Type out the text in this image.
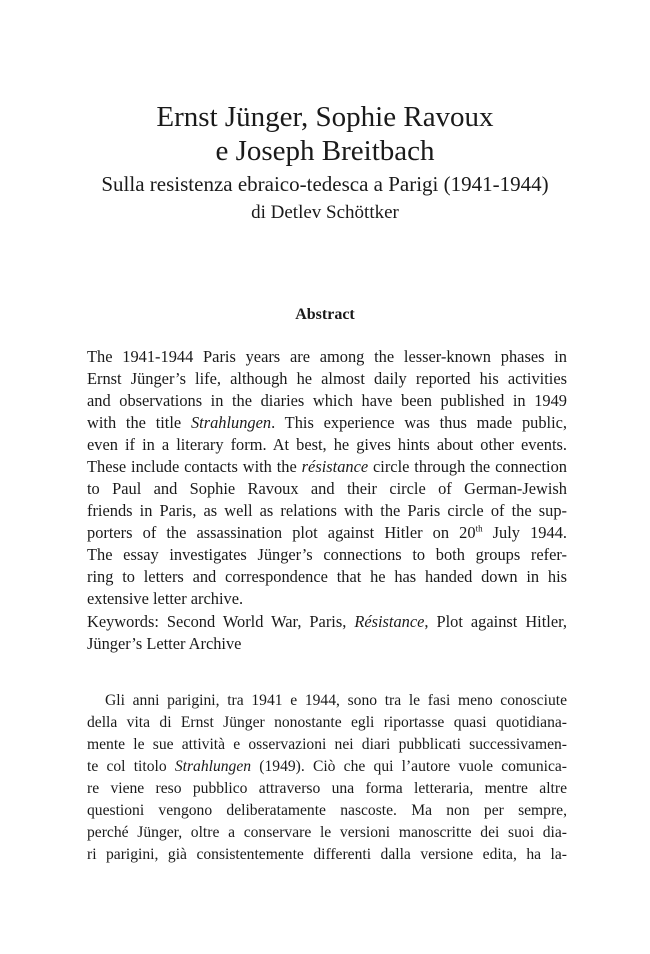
Ernst Jünger, Sophie Ravoux
e Joseph Breitbach

Sulla resistenza ebraico-tedesca a Parigi (1941-1944)

di Detlev Schöttker

Abstract
The 1941-1944 Paris years are among the lesser-known phases in
Ernst Jünger’s life, although he almost daily reported his activities
and observations in the diaries which have been published in 1949
with the title Strahlungen. This experience was thus made public,
even if in a literary form. At best, he gives hints about other events.
These include contacts with the résistance circle through the connection
to Paul and Sophie Ravoux and their circle of German-Jewish
friends in Paris, as well as relations with the Paris circle of the sup-
porters of the assassination plot against Hitler on 20th July 1944.
The essay investigates Jünger’s connections to both groups refer-
ring to letters and correspondence that he has handed down in his
extensive letter archive.
Keywords: Second World War, Paris, Résistance, Plot against Hitler,
Jünger’s Letter Archive
Gli anni parigini, tra 1941 e 1944, sono tra le fasi meno conosciute
della vita di Ernst Jünger nonostante egli riportasse quasi quotidiana-
mente le sue attività e osservazioni nei diari pubblicati successivamen-
te col titolo Strahlungen (1949). Ciò che qui l’autore vuole comunica-
re viene reso pubblico attraverso una forma letteraria, mentre altre
questioni vengono deliberatamente nascoste. Ma non per sempre,
perché Jünger, oltre a conservare le versioni manoscritte dei suoi dia-
ri parigini, già consistentemente differenti dalla versione edita, ha la-
